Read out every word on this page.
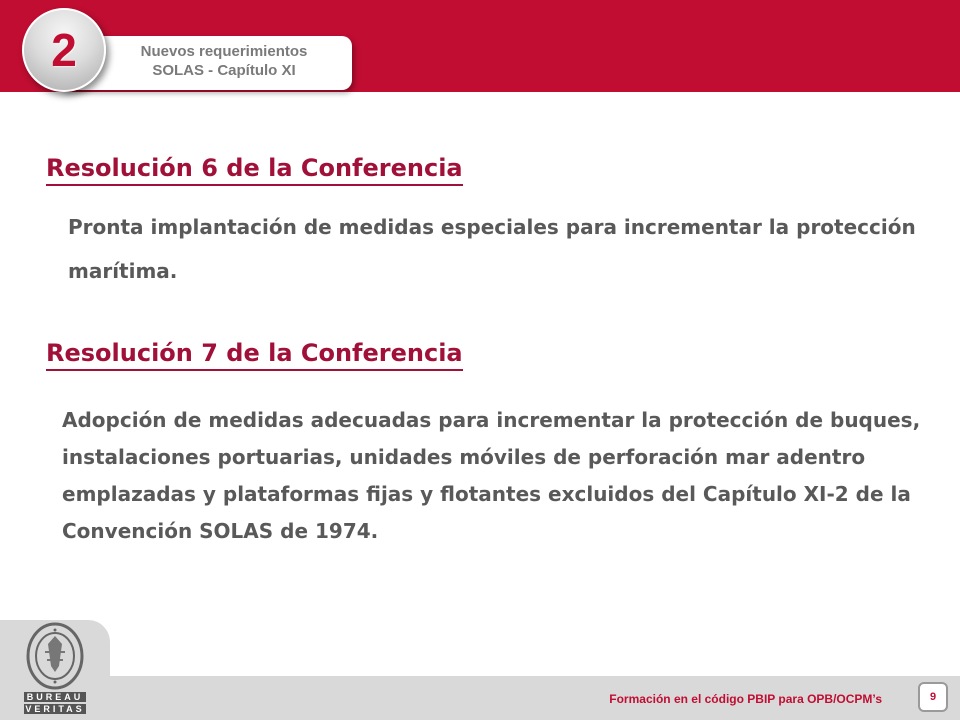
Nuevos requerimientos
SOLAS - Capítulo XI
2
Resolución 6 de la Conferencia

Pronta implantación de medidas especiales para incrementar la protección marítima.

Resolución 7 de la Conferencia

Adopción de medidas adecuadas para incrementar la protección de buques, instalaciones portuarias, unidades móviles de perforación mar adentro emplazadas y plataformas fijas y flotantes excluidos del Capítulo XI-2 de la Convención SOLAS de 1974.

BUREAU
VERITAS
Formación en el código PBIP para OPB/OCPM’s	9
